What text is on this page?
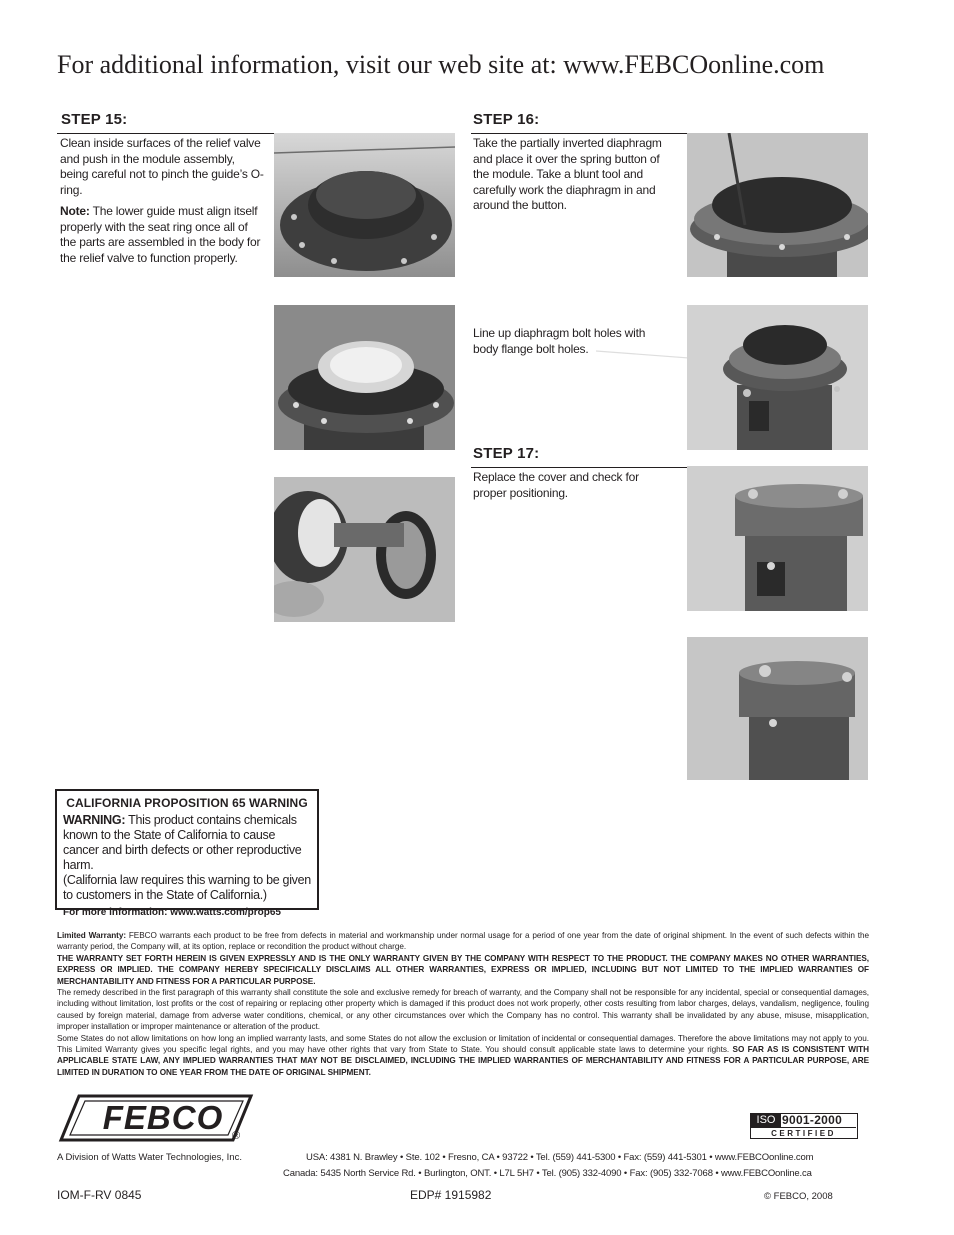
For additional information, visit our web site at: www.FEBCOonline.com
STEP 15:
Clean inside surfaces of the relief valve and push in the module assembly, being careful not to pinch the guide’s O-ring.
Note: The lower guide must align itself properly with the seat ring once all of the parts are assembled in the body for the relief valve to function properly.
STEP 16:
Take the partially inverted diaphragm and place it over the spring button of the module. Take a blunt tool and carefully work the diaphragm in and around the button.
Line up diaphragm bolt holes with body flange bolt holes.
STEP 17:
Replace the cover and check for proper positioning.
CALIFORNIA PROPOSITION 65 WARNING
WARNING: This product contains chemicals known to the State of California to cause cancer and birth defects or other reproductive harm.
(California law requires this warning to be given to customers in the State of California.)
For more information: www.watts.com/prop65
Limited Warranty: FEBCO warrants each product to be free from defects in material and workmanship under normal usage for a period of one year from the date of original shipment. In the event of such defects within the warranty period, the Company will, at its option, replace or recondition the product without charge.
THE WARRANTY SET FORTH HEREIN IS GIVEN EXPRESSLY AND IS THE ONLY WARRANTY GIVEN BY THE COMPANY WITH RESPECT TO THE PRODUCT. THE COMPANY MAKES NO OTHER WARRANTIES, EXPRESS OR IMPLIED. THE COMPANY HEREBY SPECIFICALLY DISCLAIMS ALL OTHER WARRANTIES, EXPRESS OR IMPLIED, INCLUDING BUT NOT LIMITED TO THE IMPLIED WARRANTIES OF MERCHANTABILITY AND FITNESS FOR A PARTICULAR PURPOSE.
The remedy described in the first paragraph of this warranty shall constitute the sole and exclusive remedy for breach of warranty, and the Company shall not be responsible for any incidental, special or consequential damages, including without limitation, lost profits or the cost of repairing or replacing other property which is damaged if this product does not work properly, other costs resulting from labor charges, delays, vandalism, negligence, fouling caused by foreign material, damage from adverse water conditions, chemical, or any other circumstances over which the Company has no control. This warranty shall be invalidated by any abuse, misuse, misapplication, improper installation or improper maintenance or alteration of the product.
Some States do not allow limitations on how long an implied warranty lasts, and some States do not allow the exclusion or limitation of incidental or consequential damages. Therefore the above limitations may not apply to you. This Limited Warranty gives you specific legal rights, and you may have other rights that vary from State to State. You should consult applicable state laws to determine your rights. SO FAR AS IS CONSISTENT WITH APPLICABLE STATE LAW, ANY IMPLIED WARRANTIES THAT MAY NOT BE DISCLAIMED, INCLUDING THE IMPLIED WARRANTIES OF MERCHANTABILITY AND FITNESS FOR A PARTICULAR PURPOSE, ARE LIMITED IN DURATION TO ONE YEAR FROM THE DATE OF ORIGINAL SHIPMENT.
FEBCO ®
ISO 9001-2000
CERTIFIED
A Division of Watts Water Technologies, Inc.	USA: 4381 N. Brawley • Ste. 102 • Fresno, CA • 93722 • Tel. (559) 441-5300 • Fax: (559) 441-5301 • www.FEBCOonline.com
Canada: 5435 North Service Rd. • Burlington, ONT. • L7L 5H7 • Tel. (905) 332-4090 • Fax: (905) 332-7068 • www.FEBCOonline.ca
IOM-F-RV 0845	EDP# 1915982	© FEBCO, 2008
